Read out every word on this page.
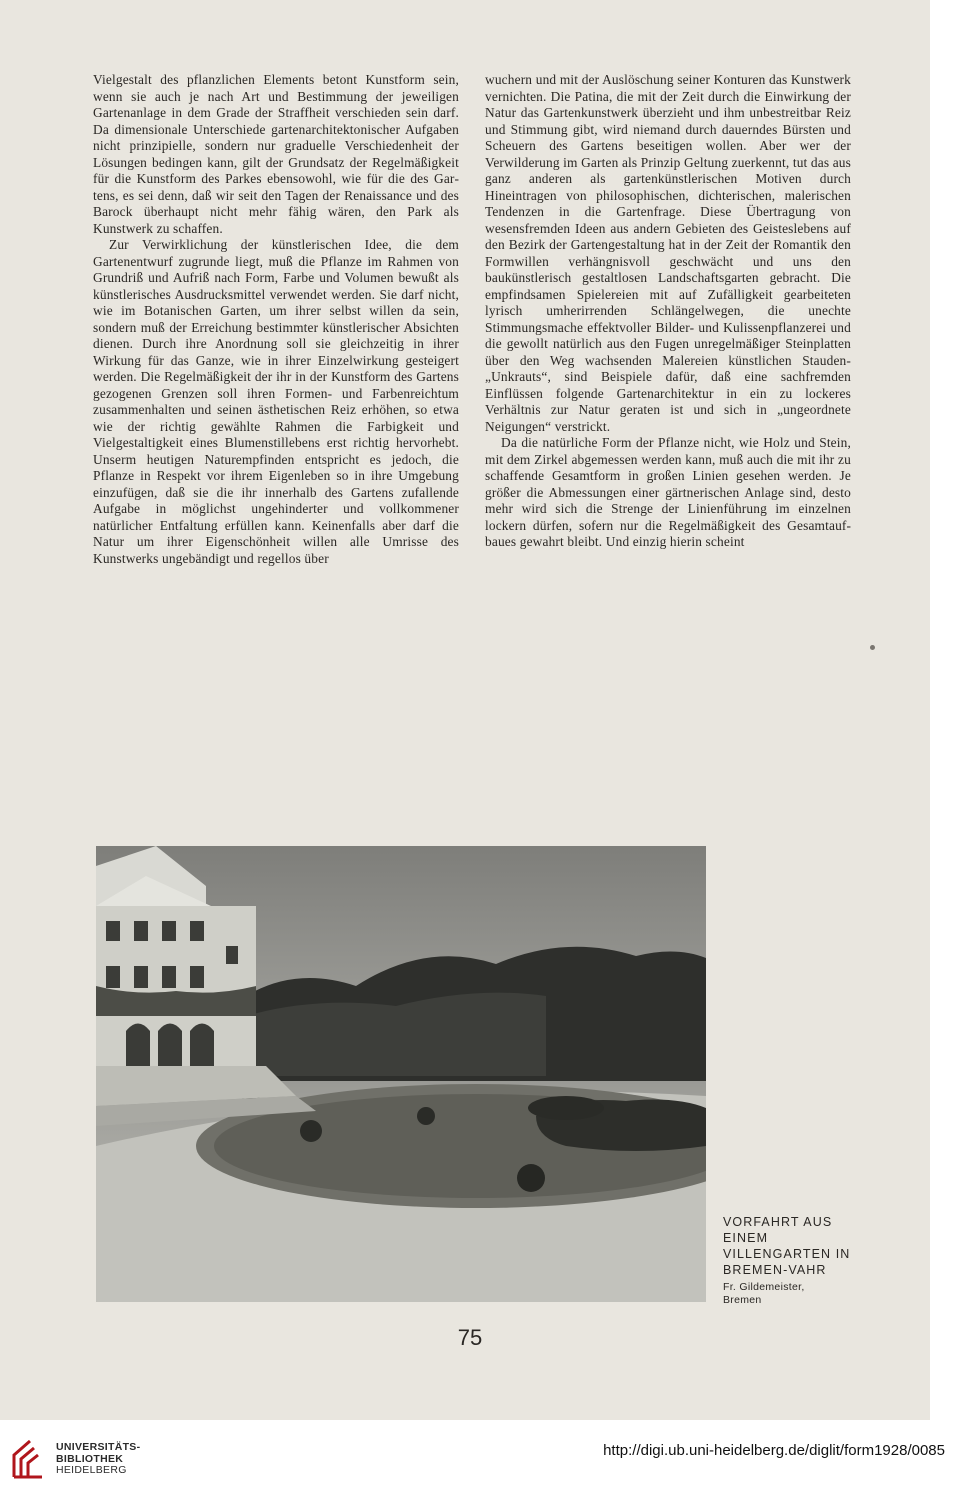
Vielgestalt des pflanzlichen Elements betont Kunstform sein, wenn sie auch je nach Art und Bestimmung der jeweiligen Gartenanlage in dem Grade der Straffheit verschieden sein darf. Da dimensionale Unterschiede gartenarchitektonischer Aufgaben nicht prinzipielle, sondern nur graduelle Verschiedenheit der Lösungen bedingen kann, gilt der Grundsatz der Regelmäßigkeit für die Kunstform des Parkes ebensowohl, wie für die des Gartens, es sei denn, daß wir seit den Tagen der Renaissance und des Barock überhaupt nicht mehr fähig wären, den Park als Kunstwerk zu schaffen.

Zur Verwirklichung der künstlerischen Idee, die dem Gartenentwurf zugrunde liegt, muß die Pflanze im Rahmen von Grundriß und Aufriß nach Form, Farbe und Volumen bewußt als künstlerisches Ausdrucksmittel verwendet werden. Sie darf nicht, wie im Botanischen Garten, um ihrer selbst willen da sein, sondern muß der Erreichung bestimmter künstlerischer Absichten dienen. Durch ihre Anordnung soll sie gleichzeitig in ihrer Wirkung für das Ganze, wie in ihrer Einzelwirkung gesteigert werden. Die Regelmäßigkeit der ihr in der Kunstform des Gartens gezogenen Grenzen soll ihren Formen- und Farbenreichtum zusammenhalten und seinen ästhetischen Reiz erhöhen, so etwa wie der richtig gewählte Rahmen die Farbigkeit und Vielgestaltigkeit eines Blumenstillebens erst richtig hervorhebt. Unserm heutigen Naturempfinden entspricht es jedoch, die Pflanze in Respekt vor ihrem Eigenleben so in ihre Umgebung einzufügen, daß sie die ihr innerhalb des Gartens zufallende Aufgabe in möglichst ungehinderter und vollkommener natürlicher Entfaltung erfüllen kann. Keinenfalls aber darf die Natur um ihrer Eigenschönheit willen alle Umrisse des Kunstwerks ungebändigt und regellos über

wuchern und mit der Auslöschung seiner Konturen das Kunstwerk vernichten. Die Patina, die mit der Zeit durch die Einwirkung der Natur das Gartenkunstwerk überzieht und ihm unbestreitbar Reiz und Stimmung gibt, wird niemand durch dauerndes Bürsten und Scheuern des Gartens beseitigen wollen. Aber wer der Verwilderung im Garten als Prinzip Geltung zuerkennt, tut das aus ganz anderen als gartenkünstlerischen Motiven durch Hineintragen von philosophischen, dichterischen, malerischen Tendenzen in die Gartenfrage. Diese Übertragung von wesensfremden Ideen aus andern Gebieten des Geisteslebens auf den Bezirk der Gartengestaltung hat in der Zeit der Romantik den Formwillen verhängnisvoll geschwächt und uns den baukünstlerisch gestaltlosen Landschaftsgarten gebracht. Die empfindsamen Spielereien mit auf Zufälligkeit gearbeiteten lyrisch umherirrenden Schlängelwegen, die unechte Stimmungsmache effektvoller Bilder- und Kulissenpflanzerei und die gewollt natürlich aus den Fugen unregelmäßiger Steinplatten über den Weg wachsenden Malereien künstlichen Stauden-„Unkrauts“, sind Beispiele dafür, daß eine sachfremden Einflüssen folgende Gartenarchitektur in ein zu lockeres Verhältnis zur Natur geraten ist und sich in „ungeordnete Neigungen“ verstrickt.

Da die natürliche Form der Pflanze nicht, wie Holz und Stein, mit dem Zirkel abgemessen werden kann, muß auch die mit ihr zu schaffende Gesamtform in großen Linien gesehen werden. Je größer die Abmessungen einer gärtnerischen Anlage sind, desto mehr wird sich die Strenge der Linienführung im einzelnen lockern dürfen, sofern nur die Regelmäßigkeit des Gesamtaufbaues gewahrt bleibt. Und einzig hierin scheint

VORFAHRT AUS EINEM VILLENGARTEN IN BREMEN-VAHR
Fr. Gildemeister,
Bremen
75
UNIVERSITÄTS-
BIBLIOTHEK
HEIDELBERG
http://digi.ub.uni-heidelberg.de/diglit/form1928/0085
